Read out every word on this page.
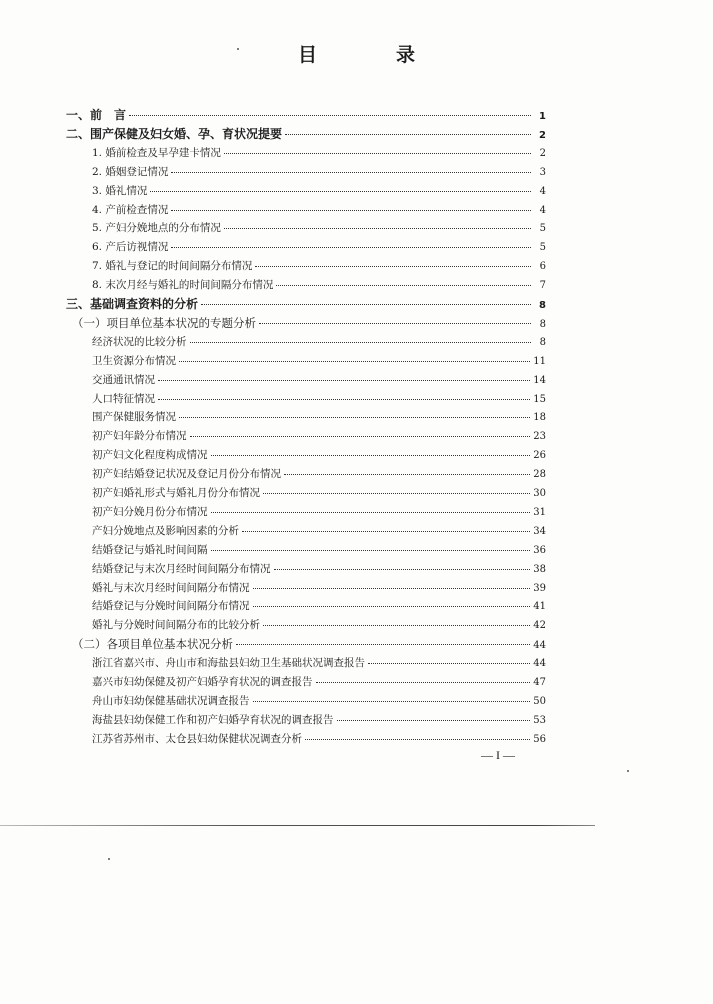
目　录
一、前　言	1
二、围产保健及妇女婚、孕、育状况提要	2
1. 婚前检查及早孕建卡情况	2
2. 婚姻登记情况	3
3. 婚礼情况	4
4. 产前检查情况	4
5. 产妇分娩地点的分布情况	5
6. 产后访视情况	5
7. 婚礼与登记的时间间隔分布情况	6
8. 末次月经与婚礼的时间间隔分布情况	7
三、基础调查资料的分析	8
（一）项目单位基本状况的专题分析	8
经济状况的比较分析	8
卫生资源分布情况	11
交通通讯情况	14
人口特征情况	15
围产保健服务情况	18
初产妇年龄分布情况	23
初产妇文化程度构成情况	26
初产妇结婚登记状况及登记月份分布情况	28
初产妇婚礼形式与婚礼月份分布情况	30
初产妇分娩月份分布情况	31
产妇分娩地点及影响因素的分析	34
结婚登记与婚礼时间间隔	36
结婚登记与末次月经时间间隔分布情况	38
婚礼与末次月经时间间隔分布情况	39
结婚登记与分娩时间间隔分布情况	41
婚礼与分娩时间间隔分布的比较分析	42
（二）各项目单位基本状况分析	44
浙江省嘉兴市、舟山市和海盐县妇幼卫生基础状况调查报告	44
嘉兴市妇幼保健及初产妇婚孕育状况的调查报告	47
舟山市妇幼保健基础状况调查报告	50
海盐县妇幼保健工作和初产妇婚孕育状况的调查报告	53
江苏省苏州市、太仓县妇幼保健状况调查分析	56
— I —
